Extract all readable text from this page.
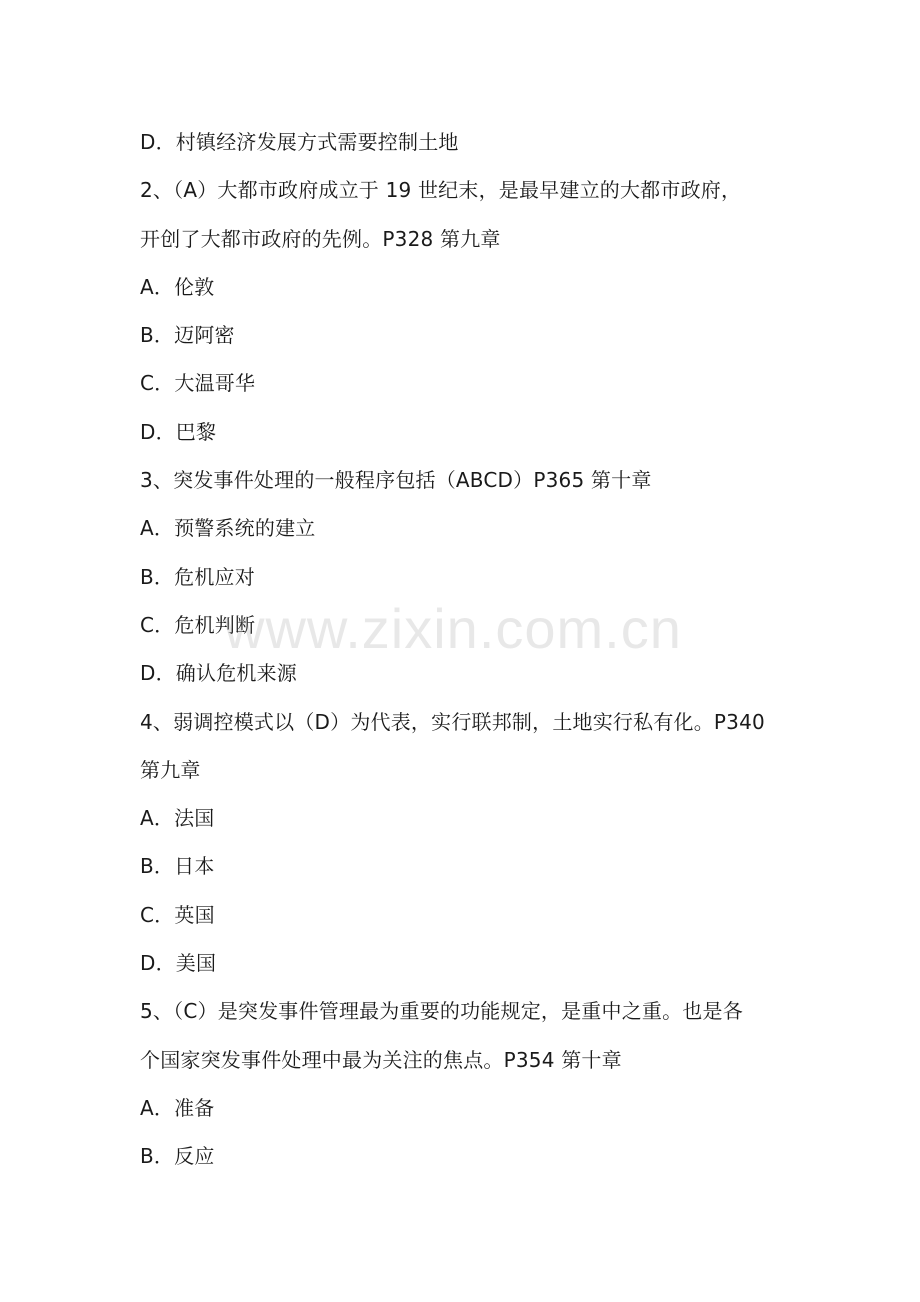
D．村镇经济发展方式需要控制土地
2、（A）大都市政府成立于 19 世纪末，是最早建立的大都市政府，
开创了大都市政府的先例。P328 第九章
A．伦敦
B．迈阿密
C．大温哥华
D．巴黎
3、突发事件处理的一般程序包括（ABCD）P365 第十章
A．预警系统的建立
B．危机应对
C．危机判断
D．确认危机来源
4、弱调控模式以（D）为代表，实行联邦制，土地实行私有化。P340
第九章
A．法国
B．日本
C．英国
D．美国
5、（C）是突发事件管理最为重要的功能规定，是重中之重。也是各
个国家突发事件处理中最为关注的焦点。P354 第十章
A．准备
B．反应
www.zixin.com.cn
